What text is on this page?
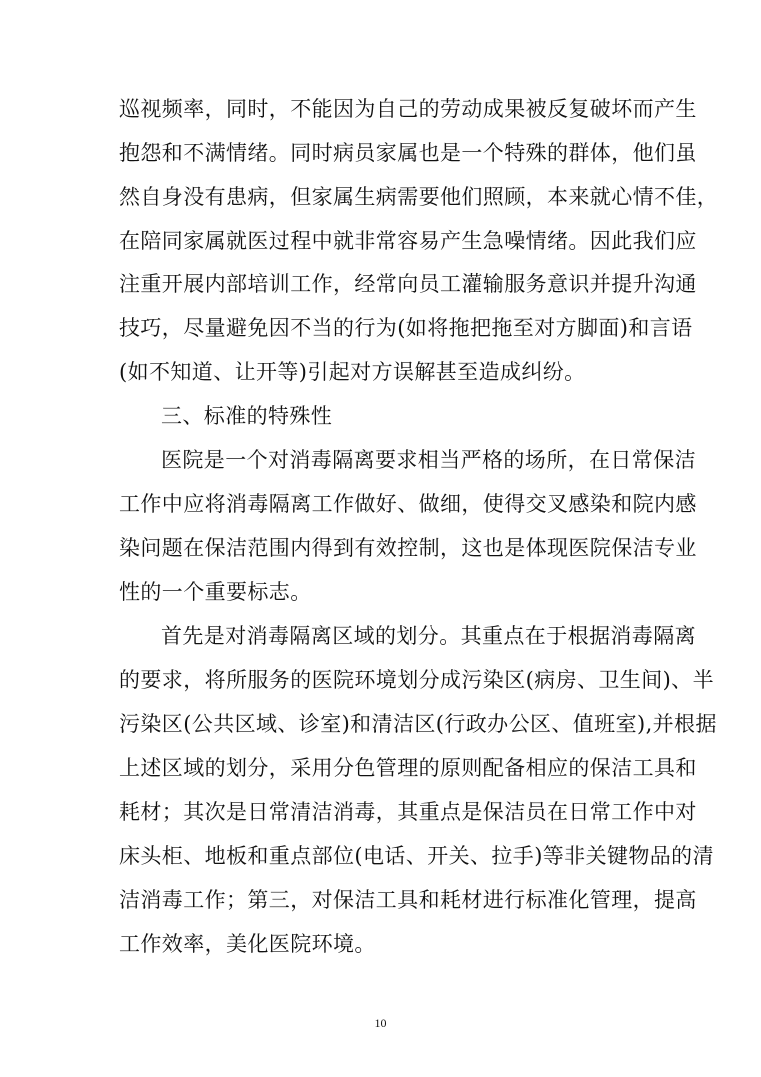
巡视频率，同时，不能因为自己的劳动成果被反复破坏而产生
抱怨和不满情绪。同时病员家属也是一个特殊的群体，他们虽
然自身没有患病，但家属生病需要他们照顾，本来就心情不佳，
在陪同家属就医过程中就非常容易产生急噪情绪。因此我们应
注重开展内部培训工作，经常向员工灌输服务意识并提升沟通
技巧，尽量避免因不当的行为(如将拖把拖至对方脚面)和言语
(如不知道、让开等)引起对方误解甚至造成纠纷。
三、标准的特殊性
医院是一个对消毒隔离要求相当严格的场所，在日常保洁
工作中应将消毒隔离工作做好、做细，使得交叉感染和院内感
染问题在保洁范围内得到有效控制，这也是体现医院保洁专业
性的一个重要标志。
首先是对消毒隔离区域的划分。其重点在于根据消毒隔离
的要求，将所服务的医院环境划分成污染区(病房、卫生间)、半
污染区(公共区域、诊室)和清洁区(行政办公区、值班室),并根据
上述区域的划分，采用分色管理的原则配备相应的保洁工具和
耗材；其次是日常清洁消毒，其重点是保洁员在日常工作中对
床头柜、地板和重点部位(电话、开关、拉手)等非关键物品的清
洁消毒工作；第三，对保洁工具和耗材进行标准化管理，提高
工作效率，美化医院环境。
10
